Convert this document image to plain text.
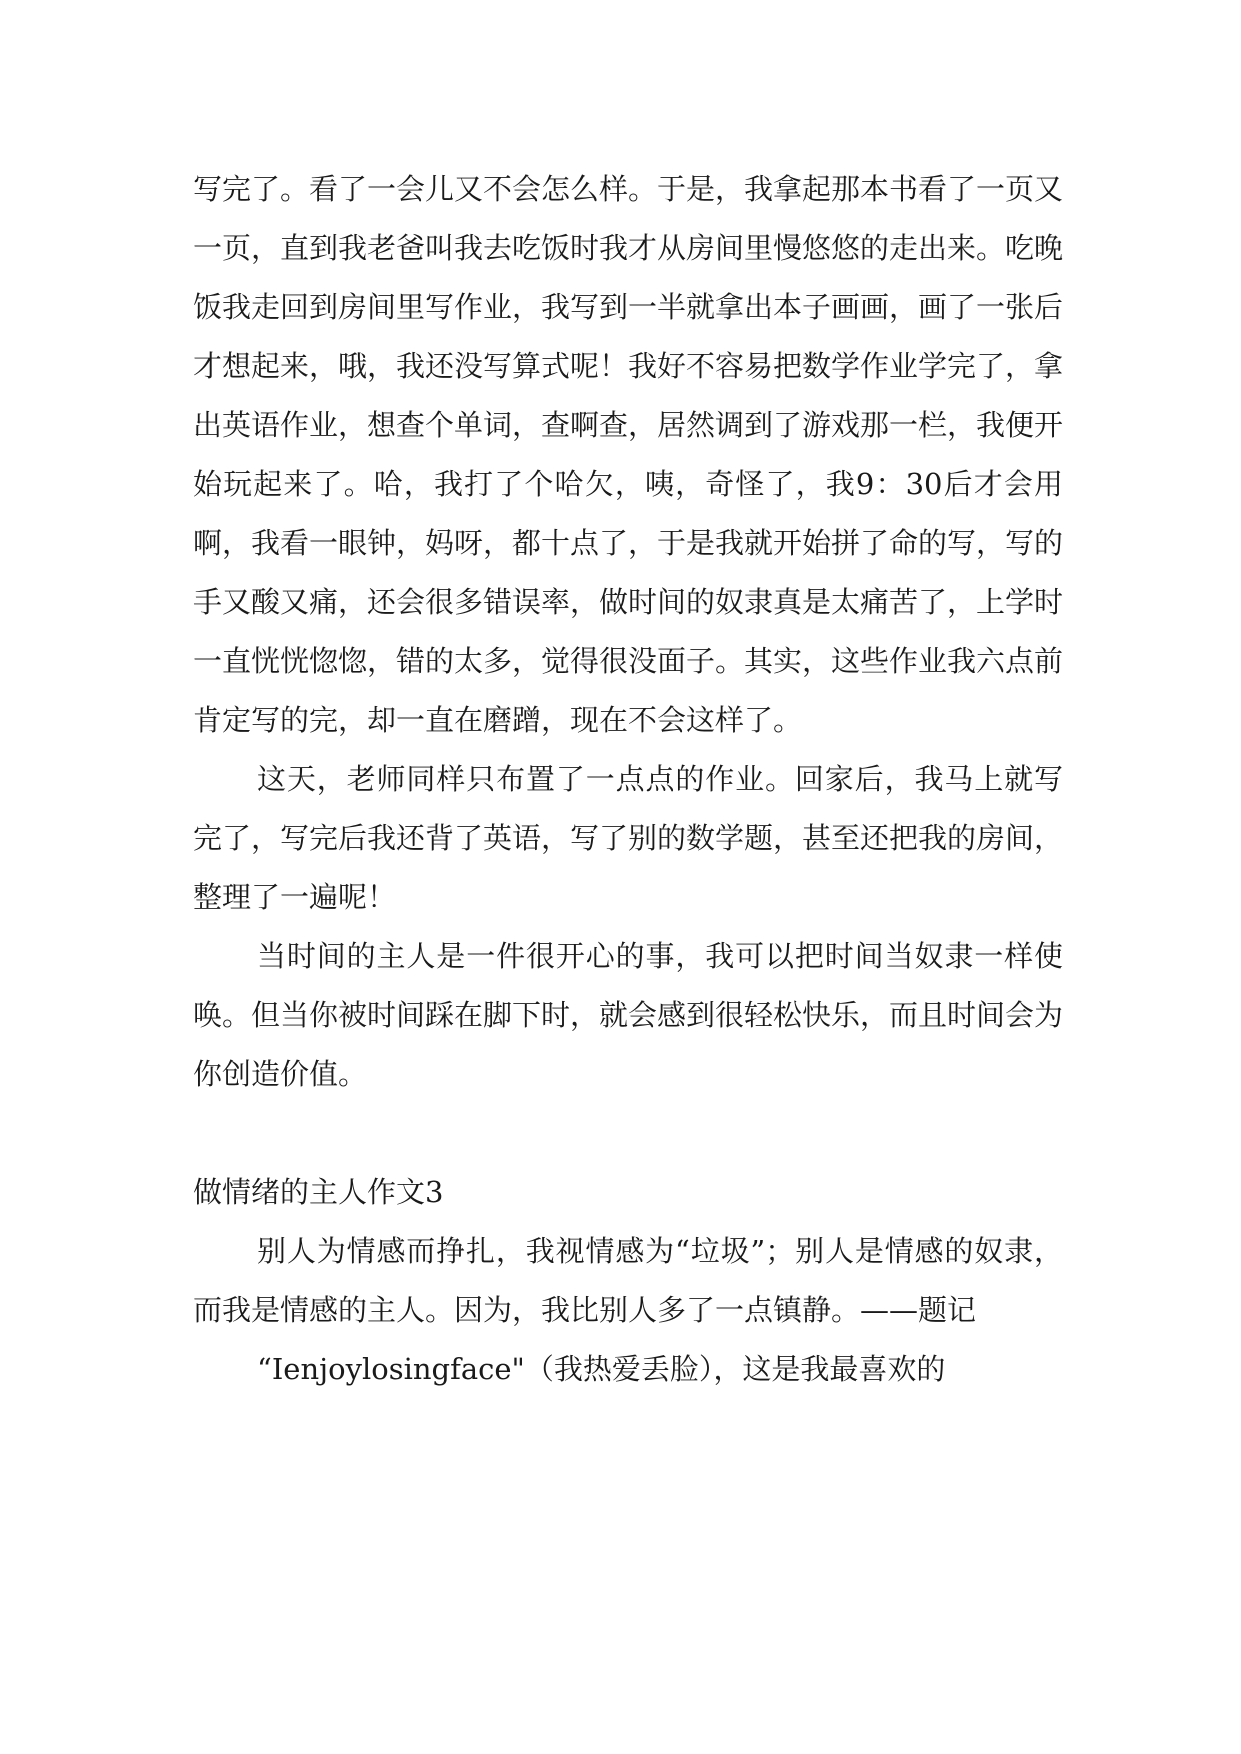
写完了。看了一会儿又不会怎么样。于是，我拿起那本书看了一页又一页，直到我老爸叫我去吃饭时我才从房间里慢悠悠的走出来。吃晚饭我走回到房间里写作业，我写到一半就拿出本子画画，画了一张后才想起来，哦，我还没写算式呢！我好不容易把数学作业学完了，拿出英语作业，想查个单词，查啊查，居然调到了游戏那一栏，我便开始玩起来了。哈，我打了个哈欠，咦，奇怪了，我9：30后才会用啊，我看一眼钟，妈呀，都十点了，于是我就开始拼了命的写，写的手又酸又痛，还会很多错误率，做时间的奴隶真是太痛苦了，上学时一直恍恍惚惚，错的太多，觉得很没面子。其实，这些作业我六点前肯定写的完，却一直在磨蹭，现在不会这样了。

这天，老师同样只布置了一点点的作业。回家后，我马上就写完了，写完后我还背了英语，写了别的数学题，甚至还把我的房间，整理了一遍呢！

当时间的主人是一件很开心的事，我可以把时间当奴隶一样使唤。但当你被时间踩在脚下时，就会感到很轻松快乐，而且时间会为你创造价值。

做情绪的主人作文3

别人为情感而挣扎，我视情感为“垃圾”；别人是情感的奴隶，而我是情感的主人。因为，我比别人多了一点镇静。——题记

“Ienjoylosingface"（我热爱丢脸），这是我最喜欢的
